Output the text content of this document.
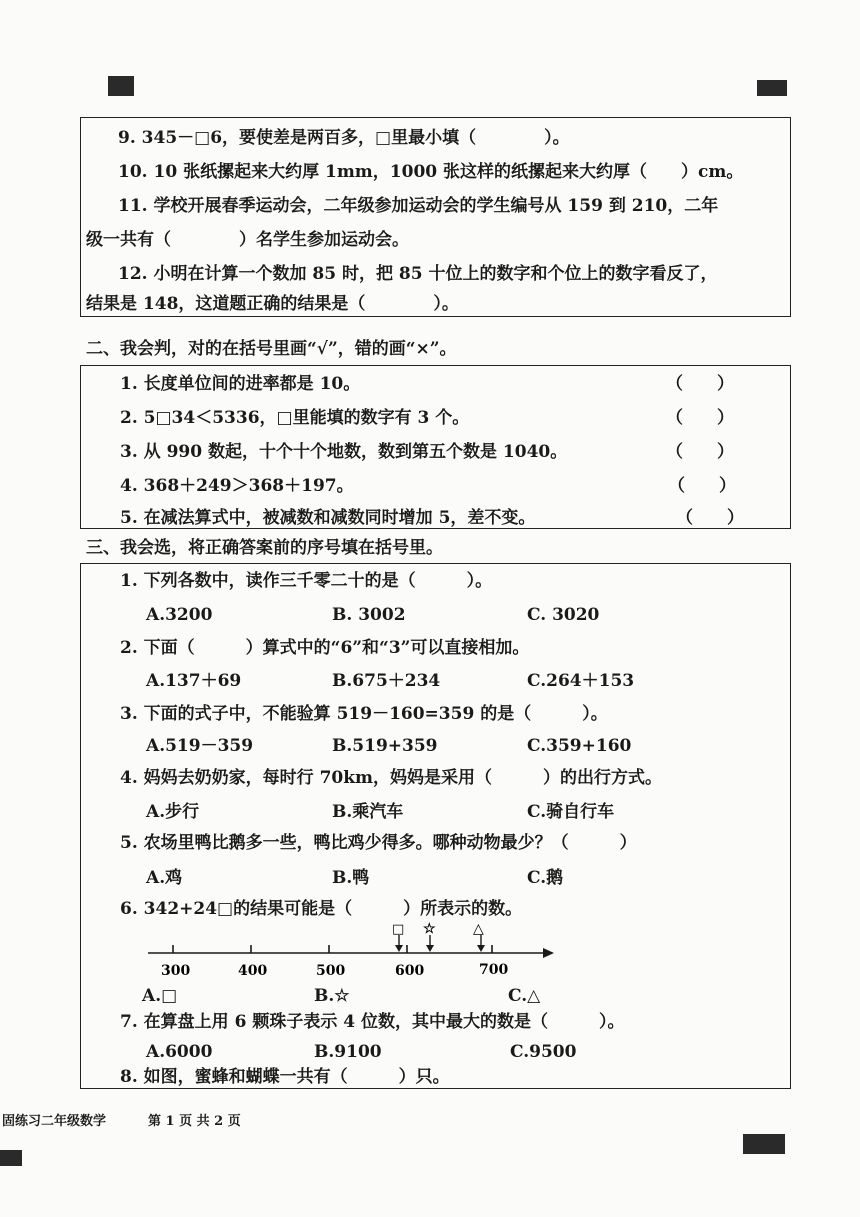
9. 345－□6，要使差是两百多，□里最小填（　　　　）。
10. 10 张纸摞起来大约厚 1mm，1000 张这样的纸摞起来大约厚（　　）cm。
11. 学校开展春季运动会，二年级参加运动会的学生编号从 159 到 210，二年
级一共有（　　　　）名学生参加运动会。
12. 小明在计算一个数加 85 时，把 85 十位上的数字和个位上的数字看反了，
结果是 148，这道题正确的结果是（　　　　）。
二、我会判，对的在括号里画“√”，错的画“×”。
1. 长度单位间的进率都是 10。	（　　）
2. 5□34＜5336，□里能填的数字有 3 个。	（　　）
3. 从 990 数起，十个十个地数，数到第五个数是 1040。	（　　）
4. 368＋249＞368＋197。	（　　）
5. 在减法算式中，被减数和减数同时增加 5，差不变。	（　　）
三、我会选，将正确答案前的序号填在括号里。
1. 下列各数中，读作三千零二十的是（　　　）。
A.3200	B. 3002	C. 3020
2. 下面（　　　）算式中的“6”和“3”可以直接相加。
A.137＋69	B.675＋234	C.264＋153
3. 下面的式子中，不能验算 519－160=359 的是（　　　）。
A.519－359	B.519+359	C.359+160
4. 妈妈去奶奶家，每时行 70km，妈妈是采用（　　　）的出行方式。
A.步行	B.乘汽车	C.骑自行车
5. 农场里鸭比鹅多一些，鸭比鸡少得多。哪种动物最少？（　　　）
A.鸡	B.鸭	C.鹅
6. 342+24□的结果可能是（　　　）所表示的数。
300	400	500	600	700
□ ☆	△
A.□	B.☆	C.△
7. 在算盘上用 6 颗珠子表示 4 位数，其中最大的数是（　　　）。
A.6000	B.9100	C.9500
8. 如图，蜜蜂和蝴蝶一共有（　　　）只。
固练习二年级数学	第 1 页 共 2 页
